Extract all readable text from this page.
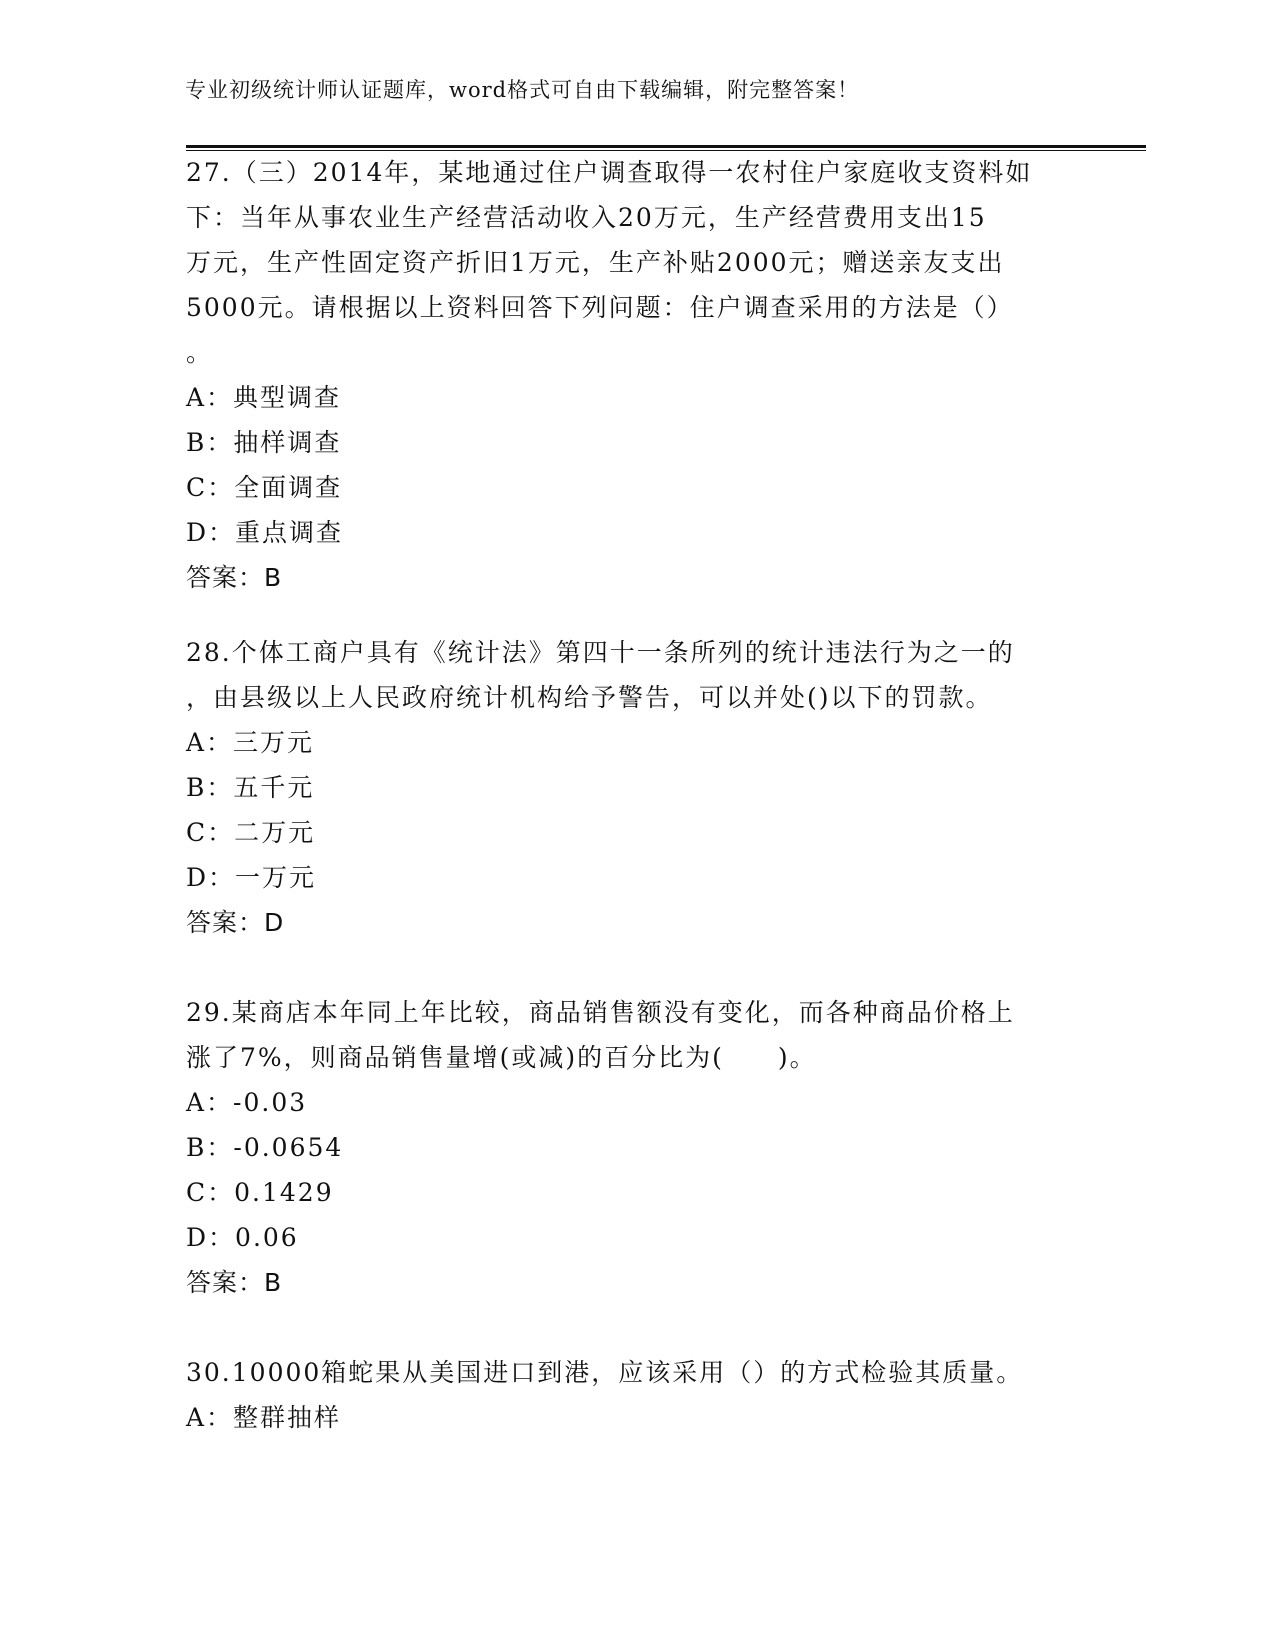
专业初级统计师认证题库，word格式可自由下载编辑，附完整答案！
27.（三）2014年，某地通过住户调查取得一农村住户家庭收支资料如
下：当年从事农业生产经营活动收入20万元，生产经营费用支出15
万元，生产性固定资产折旧1万元，生产补贴2000元；赠送亲友支出
5000元。请根据以上资料回答下列问题：住户调查采用的方法是（）
。
A：典型调查
B：抽样调查
C：全面调查
D：重点调查
答案：B
28.个体工商户具有《统计法》第四十一条所列的统计违法行为之一的
，由县级以上人民政府统计机构给予警告，可以并处()以下的罚款。
A：三万元
B：五千元
C：二万元
D：一万元
答案：D
29.某商店本年同上年比较，商品销售额没有变化，而各种商品价格上
涨了7%，则商品销售量增(或减)的百分比为(　　)。
A：-0.03
B：-0.0654
C：0.1429
D：0.06
答案：B
30.10000箱蛇果从美国进口到港，应该采用（）的方式检验其质量。
A：整群抽样
